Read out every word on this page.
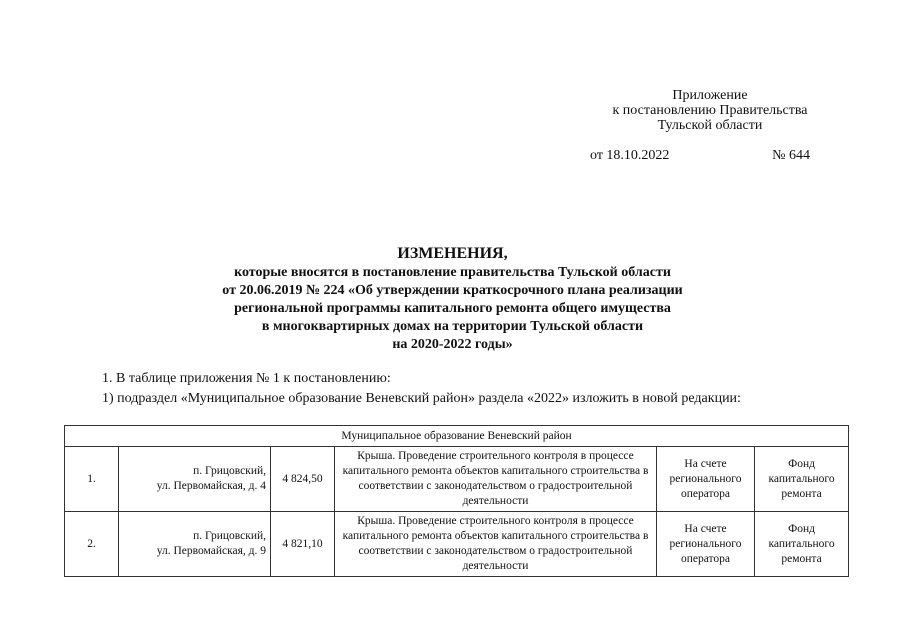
Приложение
к постановлению Правительства
Тульской области
от 18.10.2022	№ 644
ИЗМЕНЕНИЯ,
которые вносятся в постановление правительства Тульской области
от 20.06.2019 № 224 «Об утверждении краткосрочного плана реализации
региональной программы капитального ремонта общего имущества
в многоквартирных домах на территории Тульской области
на 2020-2022 годы»
1. В таблице приложения № 1 к постановлению:
1) подраздел «Муниципальное образование Веневский район» раздела «2022» изложить в новой редакции:
Муниципальное образование Веневский район					
1.	п. Грицовский,
ул. Первомайская, д. 4	4 824,50	Крыша. Проведение строительного контроля в процессе капитального ремонта объектов капитального строительства в соответствии с законодательством о градостроительной деятельности	На счете регионального оператора	Фонд капитального ремонта
2.	п. Грицовский,
ул. Первомайская, д. 9	4 821,10	Крыша. Проведение строительного контроля в процессе капитального ремонта объектов капитального строительства в соответствии с законодательством о градостроительной деятельности	На счете регионального оператора	Фонд капитального ремонта
